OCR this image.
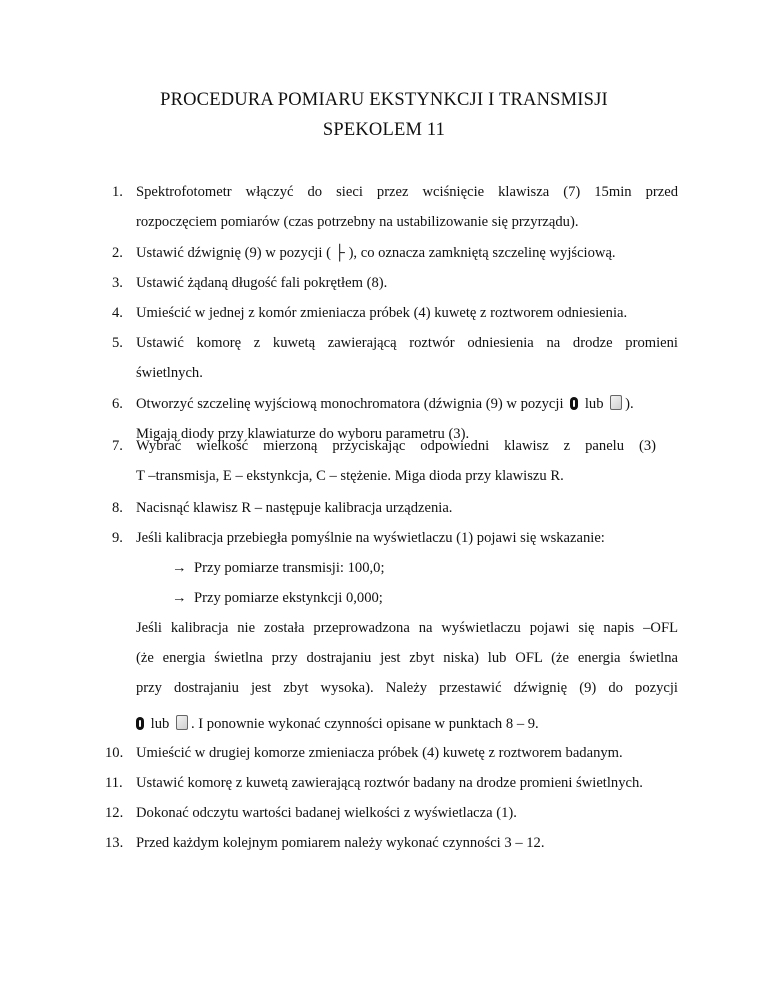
PROCEDURA POMIARU EKSTYNKCJI I TRANSMISJI
SPEKOLEM 11
1. Spektrofotometr włączyć do sieci przez wciśnięcie klawisza (7) 15min przed
rozpoczęciem pomiarów (czas potrzebny na ustabilizowanie się przyrządu).
2. Ustawić dźwignię (9) w pozycji ( ├ ), co oznacza zamkniętą szczelinę wyjściową.
3. Ustawić żądaną długość fali pokrętłem (8).
4. Umieścić w jednej z komór zmieniacza próbek (4) kuwetę z roztworem odniesienia.
5. Ustawić komorę z kuwetą zawierającą roztwór odniesienia na drodze promieni
świetlnych.
6. Otworzyć szczelinę wyjściową monochromatora (dźwignia (9) w pozycji lub ).
Migają diody przy klawiaturze do wyboru parametru (3).
7. Wybrać wielkość mierzoną przyciskając odpowiedni klawisz z panelu (3)
T –transmisja, E – ekstynkcja, C – stężenie. Miga dioda przy klawiszu R.
8. Nacisnąć klawisz R – następuje kalibracja urządzenia.
9. Jeśli kalibracja przebiegła pomyślnie na wyświetlaczu (1) pojawi się wskazanie:
→ Przy pomiarze transmisji: 100,0;
→ Przy pomiarze ekstynkcji 0,000;
Jeśli kalibracja nie została przeprowadzona na wyświetlaczu pojawi się napis –OFL
(że energia świetlna przy dostrajaniu jest zbyt niska) lub OFL (że energia świetlna
przy dostrajaniu jest zbyt wysoka). Należy przestawić dźwignię (9) do pozycji
lub . I ponownie wykonać czynności opisane w punktach 8 – 9.
10. Umieścić w drugiej komorze zmieniacza próbek (4) kuwetę z roztworem badanym.
11. Ustawić komorę z kuwetą zawierającą roztwór badany na drodze promieni świetlnych.
12. Dokonać odczytu wartości badanej wielkości z wyświetlacza (1).
13. Przed każdym kolejnym pomiarem należy wykonać czynności 3 – 12.
